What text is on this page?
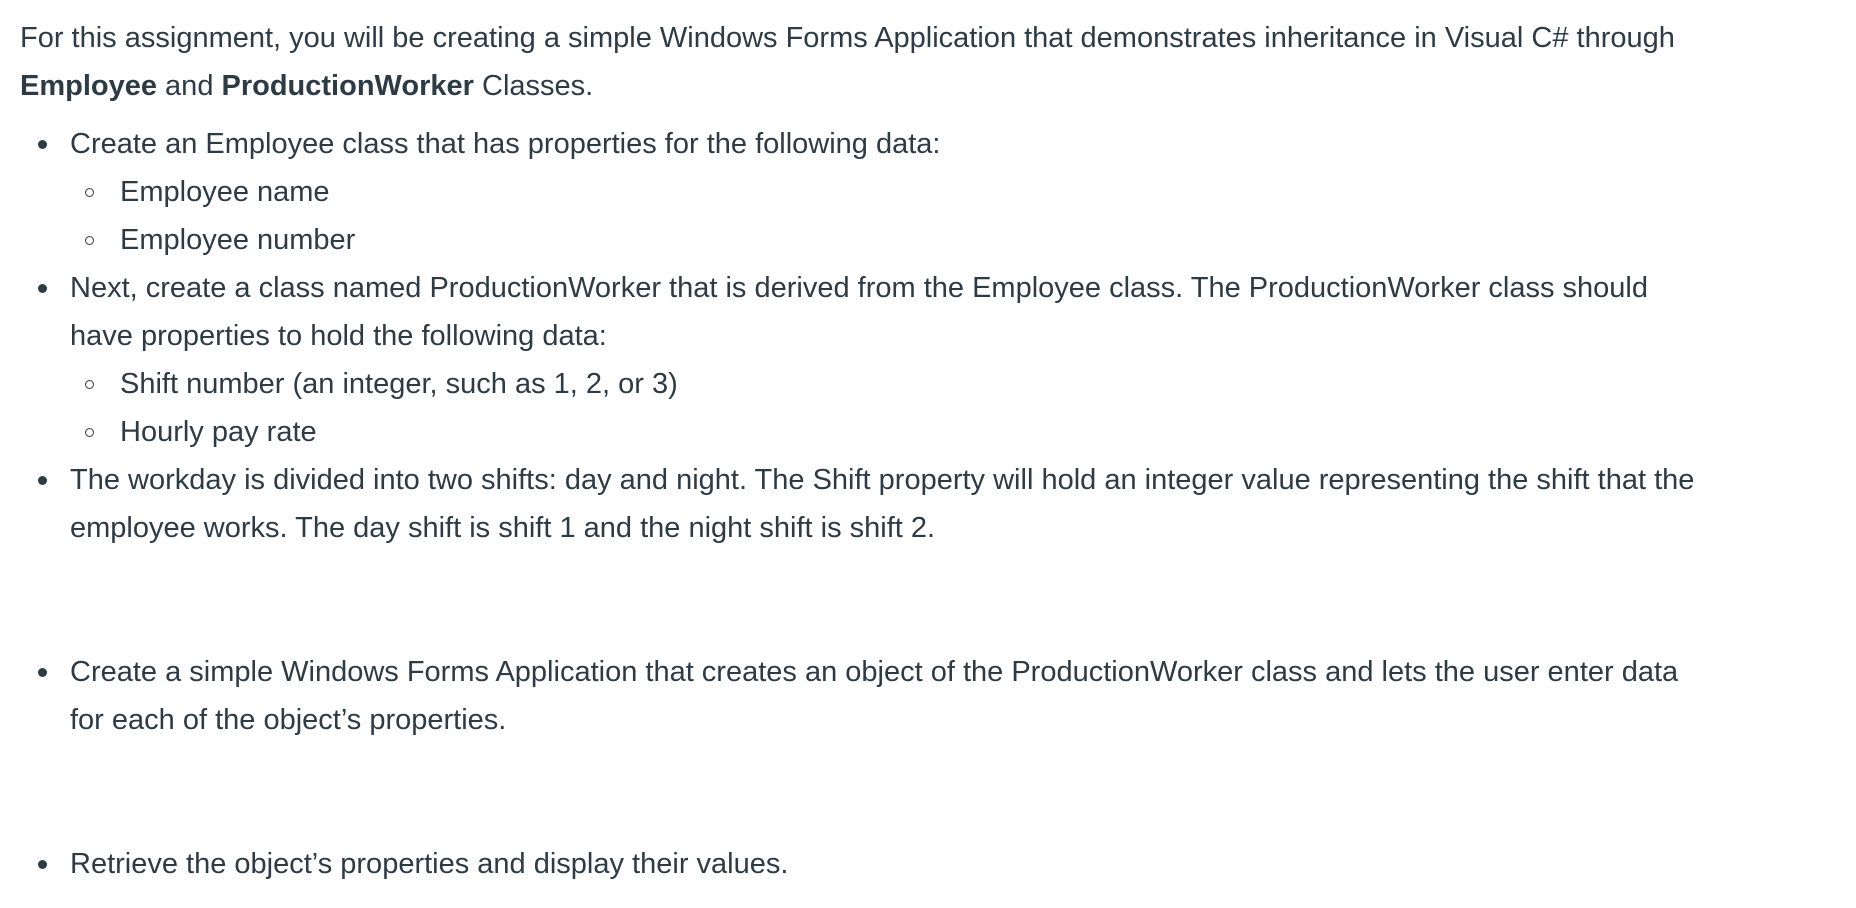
For this assignment, you will be creating a simple Windows Forms Application that demonstrates inheritance in Visual C# through Employee and ProductionWorker Classes.

Create an Employee class that has properties for the following data:
Employee name
Employee number
Next, create a class named ProductionWorker that is derived from the Employee class. The ProductionWorker class should have properties to hold the following data:
Shift number (an integer, such as 1, 2, or 3)
Hourly pay rate
The workday is divided into two shifts: day and night. The Shift property will hold an integer value representing the shift that the employee works. The day shift is shift 1 and the night shift is shift 2.
Create a simple Windows Forms Application that creates an object of the ProductionWorker class and lets the user enter data for each of the object’s properties.
Retrieve the object’s properties and display their values.
